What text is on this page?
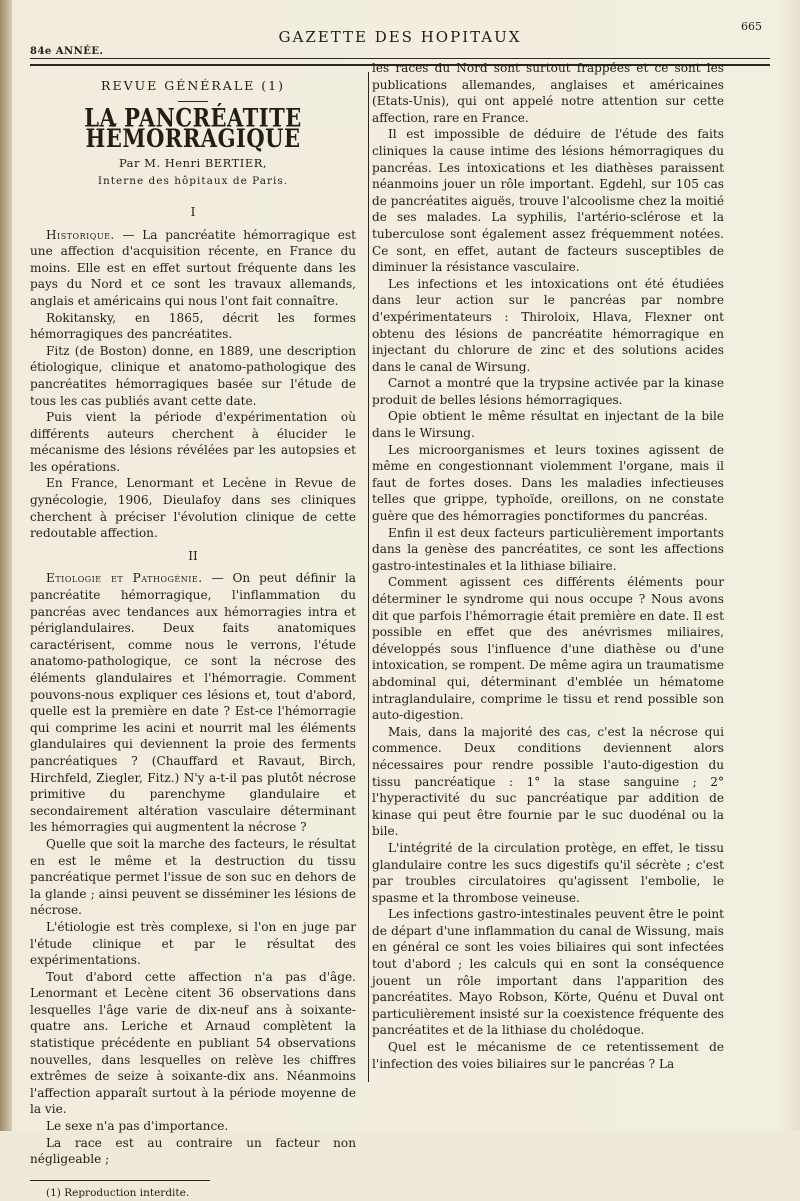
665
GAZETTE DES HOPITAUX
84e ANNÉE.
REVUE GÉNÉRALE (1)
LA PANCRÉATITE HÉMORRAGIQUE
Par M. Henri BERTIER,
Interne des hôpitaux de Paris.
I

Historique. — La pancréatite hémorragique est une affection d'acquisition récente, en France du moins. Elle est en effet surtout fréquente dans les pays du Nord et ce sont les travaux allemands, anglais et américains qui nous l'ont fait connaître.

Rokitansky, en 1865, décrit les formes hémorragiques des pancréatites.

Fitz (de Boston) donne, en 1889, une description étiologique, clinique et anatomo-pathologique des pancréatites hémorragiques basée sur l'étude de tous les cas publiés avant cette date.

Puis vient la période d'expérimentation où différents auteurs cherchent à élucider le mécanisme des lésions révélées par les autopsies et les opérations.

En France, Lenormant et Lecène in Revue de gynécologie, 1906, Dieulafoy dans ses cliniques cherchent à préciser l'évolution clinique de cette redoutable affection.

II

Etiologie et Pathogénie. — On peut définir la pancréatite hémorragique, l'inflammation du pancréas avec tendances aux hémorragies intra et périglandulaires. Deux faits anatomiques caractérisent, comme nous le verrons, l'étude anatomo-pathologique, ce sont la nécrose des éléments glandulaires et l'hémorragie. Comment pouvons-nous expliquer ces lésions et, tout d'abord, quelle est la première en date ? Est-ce l'hémorragie qui comprime les acini et nourrit mal les éléments glandulaires qui deviennent la proie des ferments pancréatiques ? (Chauffard et Ravaut, Birch, Hirchfeld, Ziegler, Fitz.) N'y a-t-il pas plutôt nécrose primitive du parenchyme glandulaire et secondairement altération vasculaire déterminant les hémorragies qui augmentent la nécrose ?

Quelle que soit la marche des facteurs, le résultat en est le même et la destruction du tissu pancréatique permet l'issue de son suc en dehors de la glande ; ainsi peuvent se disséminer les lésions de nécrose.

L'étiologie est très complexe, si l'on en juge par l'étude clinique et par le résultat des expérimentations.

Tout d'abord cette affection n'a pas d'âge. Lenormant et Lecène citent 36 observations dans lesquelles l'âge varie de dix-neuf ans à soixante-quatre ans. Leriche et Arnaud complètent la statistique précédente en publiant 54 observations nouvelles, dans lesquelles on relève les chiffres extrêmes de seize à soixante-dix ans. Néanmoins l'affection apparaît surtout à la période moyenne de la vie.

Le sexe n'a pas d'importance.

La race est au contraire un facteur non négligeable ;

(1) Reproduction interdite.

les races du Nord sont surtout frappées et ce sont les publications allemandes, anglaises et américaines (Etats-Unis), qui ont appelé notre attention sur cette affection, rare en France.

Il est impossible de déduire de l'étude des faits cliniques la cause intime des lésions hémorragiques du pancréas. Les intoxications et les diathèses paraissent néanmoins jouer un rôle important. Egdehl, sur 105 cas de pancréatites aiguës, trouve l'alcoolisme chez la moitié de ses malades. La syphilis, l'artério-sclérose et la tuberculose sont également assez fréquemment notées. Ce sont, en effet, autant de facteurs susceptibles de diminuer la résistance vasculaire.

Les infections et les intoxications ont été étudiées dans leur action sur le pancréas par nombre d'expérimentateurs : Thiroloix, Hlava, Flexner ont obtenu des lésions de pancréatite hémorragique en injectant du chlorure de zinc et des solutions acides dans le canal de Wirsung.

Carnot a montré que la trypsine activée par la kinase produit de belles lésions hémorragiques.

Opie obtient le même résultat en injectant de la bile dans le Wirsung.

Les microorganismes et leurs toxines agissent de même en congestionnant violemment l'organe, mais il faut de fortes doses. Dans les maladies infectieuses telles que grippe, typhoïde, oreillons, on ne constate guère que des hémorragies ponctiformes du pancréas.

Enfin il est deux facteurs particulièrement importants dans la genèse des pancréatites, ce sont les affections gastro-intestinales et la lithiase biliaire.

Comment agissent ces différents éléments pour déterminer le syndrome qui nous occupe ? Nous avons dit que parfois l'hémorragie était première en date. Il est possible en effet que des anévrismes miliaires, développés sous l'influence d'une diathèse ou d'une intoxication, se rompent. De même agira un traumatisme abdominal qui, déterminant d'emblée un hématome intraglandulaire, comprime le tissu et rend possible son auto-digestion.

Mais, dans la majorité des cas, c'est la nécrose qui commence. Deux conditions deviennent alors nécessaires pour rendre possible l'auto-digestion du tissu pancréatique : 1° la stase sanguine ; 2° l'hyperactivité du suc pancréatique par addition de kinase qui peut être fournie par le suc duodénal ou la bile.

L'intégrité de la circulation protège, en effet, le tissu glandulaire contre les sucs digestifs qu'il sécrète ; c'est par troubles circulatoires qu'agissent l'embolie, le spasme et la thrombose veineuse.

Les infections gastro-intestinales peuvent être le point de départ d'une inflammation du canal de Wissung, mais en général ce sont les voies biliaires qui sont infectées tout d'abord ; les calculs qui en sont la conséquence jouent un rôle important dans l'apparition des pancréatites. Mayo Robson, Körte, Quénu et Duval ont particulièrement insisté sur la coexistence fréquente des pancréatites et de la lithiase du cholédoque.

Quel est le mécanisme de ce retentissement de l'infection des voies biliaires sur le pancréas ? La
